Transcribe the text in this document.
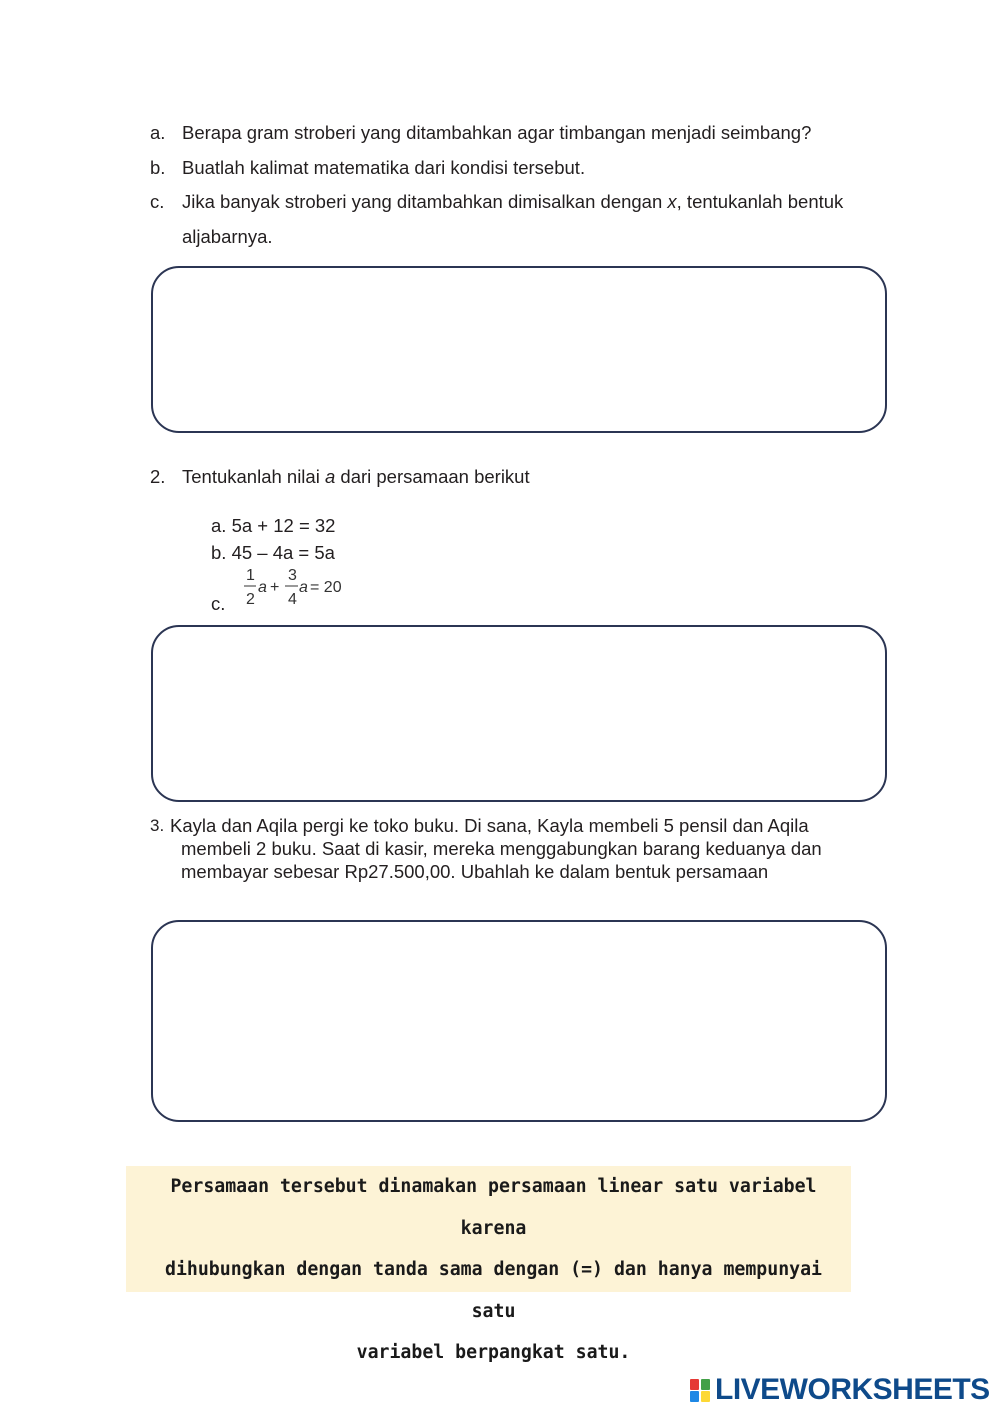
a. Berapa gram stroberi yang ditambahkan agar timbangan menjadi seimbang?
b. Buatlah kalimat matematika dari kondisi tersebut.
c. Jika banyak stroberi yang ditambahkan dimisalkan dengan x, tentukanlah bentuk
aljabarnya.
2. Tentukanlah nilai a dari persamaan berikut
a. 5a + 12 = 32
b. 45 – 4a = 5a
c.
1
2
a +
3
4
a = 20
3. Kayla dan Aqila pergi ke toko buku. Di sana, Kayla membeli 5 pensil dan Aqila
membeli 2 buku. Saat di kasir, mereka menggabungkan barang keduanya dan
membayar sebesar Rp27.500,00. Ubahlah ke dalam bentuk persamaan
Persamaan tersebut dinamakan persamaan linear satu variabel karena
dihubungkan dengan tanda sama dengan (=) dan hanya mempunyai satu
variabel berpangkat satu.
LIVEWORKSHEETS
